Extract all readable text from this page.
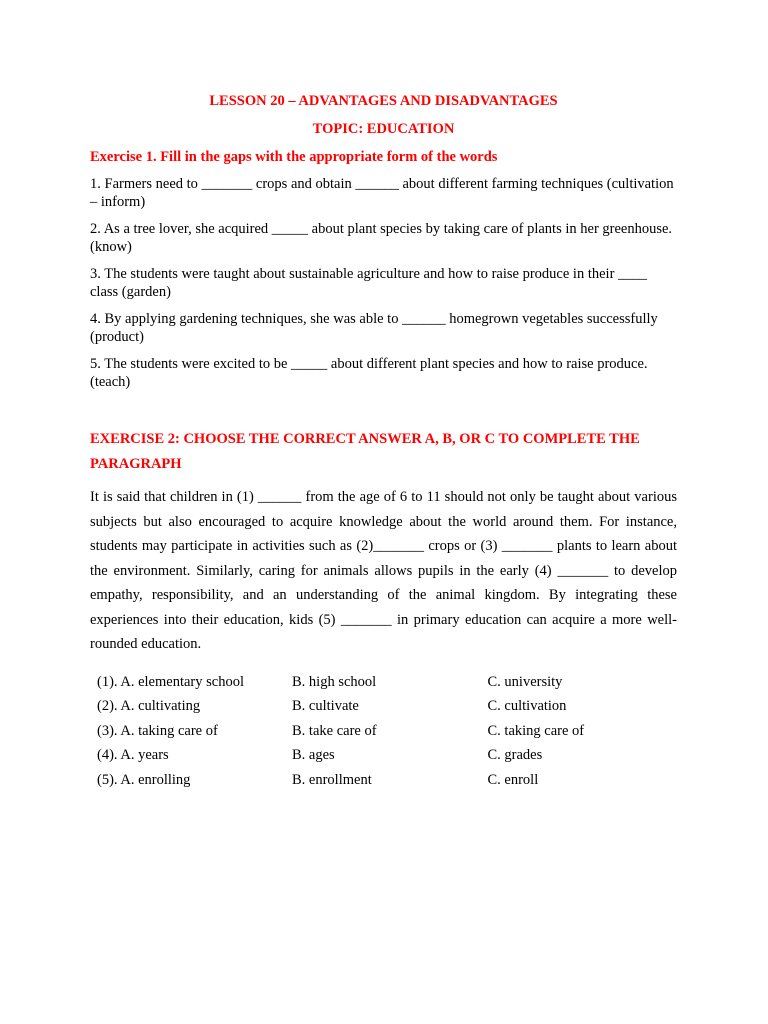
LESSON 20 – ADVANTAGES AND DISADVANTAGES
TOPIC: EDUCATION
Exercise 1. Fill in the gaps with the appropriate form of the words
1. Farmers need to _______ crops and obtain ______ about different farming techniques (cultivation – inform)
2. As a tree lover, she acquired _____ about plant species by taking care of plants in her greenhouse. (know)
3. The students were taught about sustainable agriculture and how to raise produce in their ____ class (garden)
4. By applying gardening techniques, she was able to ______ homegrown vegetables successfully (product)
5. The students were excited to be _____ about different plant species and how to raise produce. (teach)
EXERCISE 2: CHOOSE THE CORRECT ANSWER A, B, OR C TO COMPLETE THE PARAGRAPH
It is said that children in (1) ______ from the age of 6 to 11 should not only be taught about various subjects but also encouraged to acquire knowledge about the world around them. For instance, students may participate in activities such as (2)_______ crops or (3) _______ plants to learn about the environment. Similarly, caring for animals allows pupils in the early (4) _______ to develop empathy, responsibility, and an understanding of the animal kingdom. By integrating these experiences into their education, kids (5) _______ in primary education can acquire a more well-rounded education.
(1). A. elementary school	B. high school	C. university
(2). A. cultivating	B. cultivate	C. cultivation
(3). A. taking care of	B. take care of	C. taking care of
(4). A. years	B. ages	C. grades
(5). A. enrolling	B. enrollment	C. enroll
